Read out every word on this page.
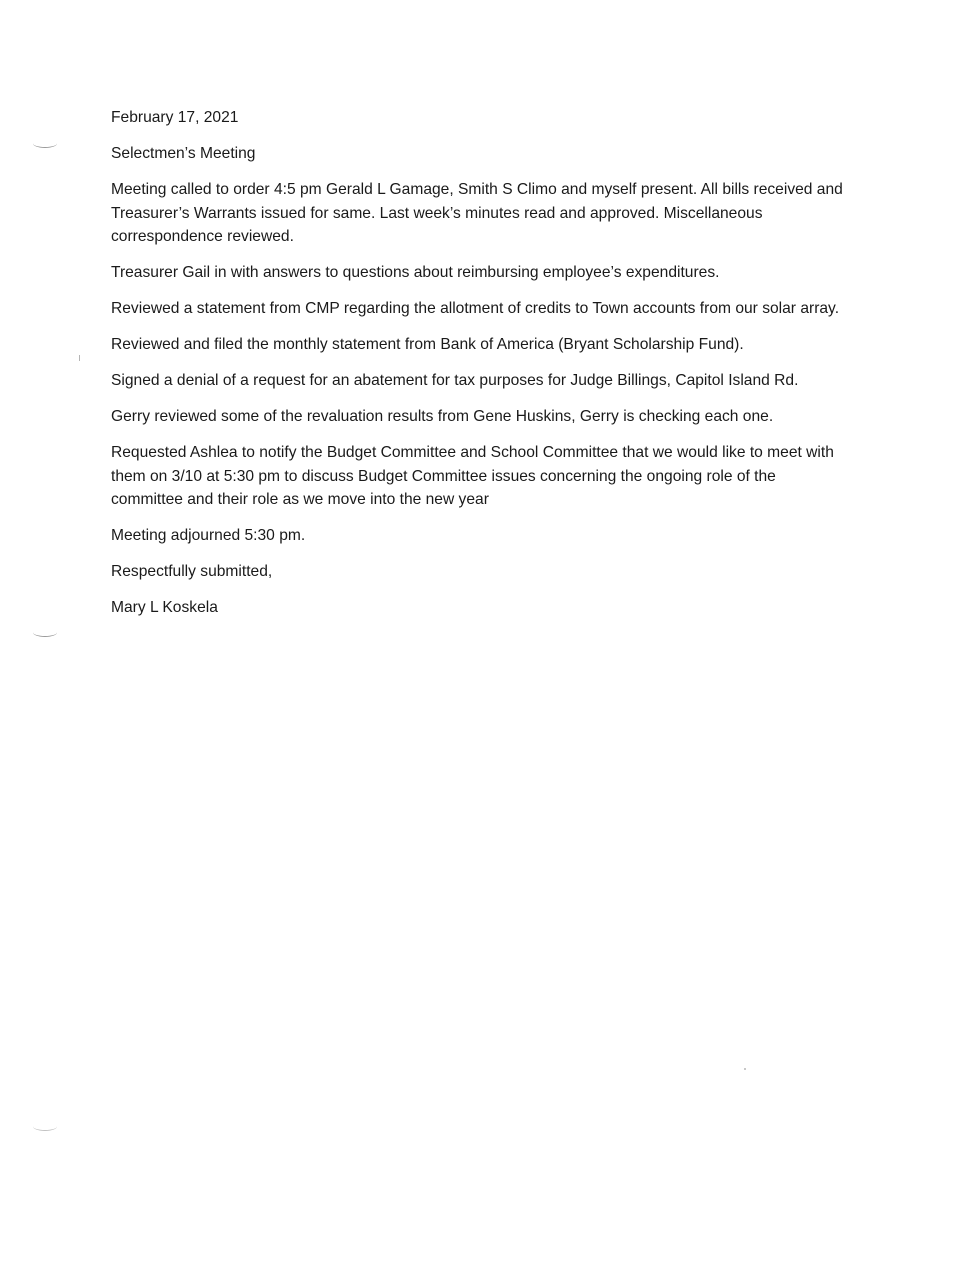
February 17, 2021

Selectmen’s Meeting

Meeting called to order 4:5 pm Gerald L Gamage, Smith S Climo and myself present. All bills received and Treasurer’s Warrants issued for same. Last week’s minutes read and approved. Miscellaneous correspondence reviewed.

Treasurer Gail in with answers to questions about reimbursing employee’s expenditures.

Reviewed a statement from CMP regarding the allotment of credits to Town accounts from our solar array.

Reviewed and filed the monthly statement from Bank of America (Bryant Scholarship Fund).

Signed a denial of a request for an abatement for tax purposes for Judge Billings, Capitol Island Rd.

Gerry reviewed some of the revaluation results from Gene Huskins, Gerry is checking each one.

Requested Ashlea to notify the Budget Committee and School Committee that we would like to meet with them on 3/10 at 5:30 pm to discuss Budget Committee issues concerning the ongoing role of the committee and their role as we move into the new year

Meeting adjourned 5:30 pm.

Respectfully submitted,

Mary L Koskela
